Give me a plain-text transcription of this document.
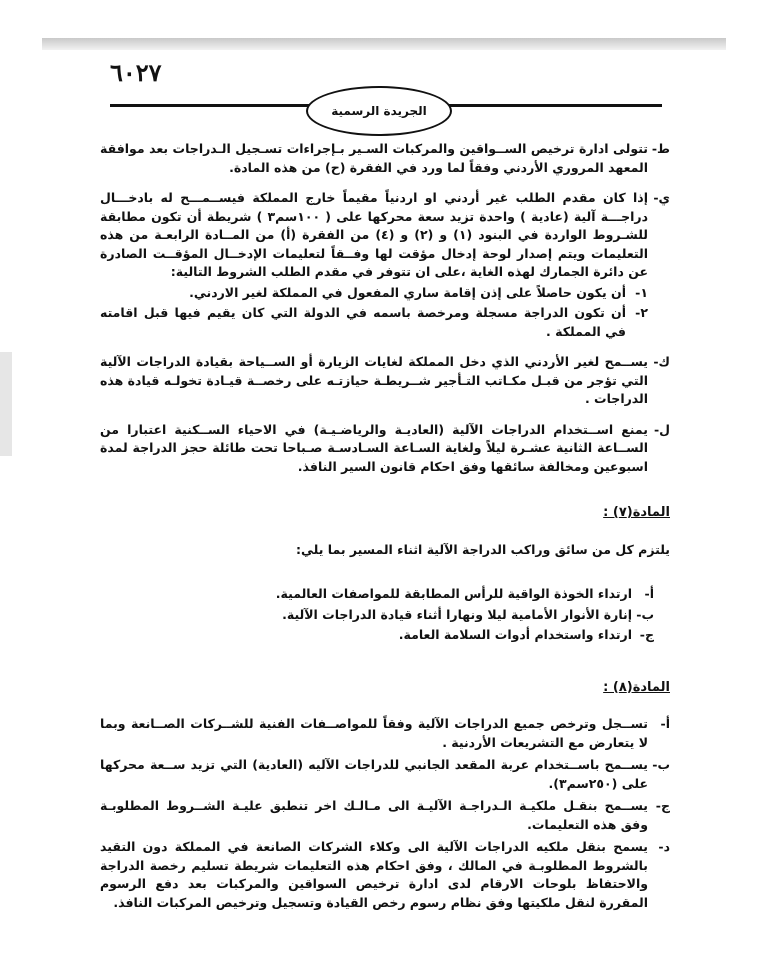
٦٠٢٧
الجريدة الرسمية
ط-
تتولى ادارة ترخيص الســواقين والمركبات السـير بـإجراءات تسـجيل الـدراجات بعد موافقة المعهد المروري الأردني وفقاً لما ورد في الفقرة (ح) من هذه المادة.
ي-
إذا كان مقدم الطلب غير أردني او اردنياً مقيماً خارج المملكة فيســمـــح له بادخـــال دراجـــة آلية (عادية ) واحدة تزيد سعة محركها على ( ١٠٠سم٣ ) شريطة أن تكون مطابقة للشـروط الواردة في البنود (١) و (٢) و (٤) من الفقرة (أ) من المــادة الرابعـة من هذه التعليمات ويتم إصدار لوحة إدخال مؤقت لها وفــقاً لتعليمات الإدخــال المؤقــت الصادرة عن دائرة الجمارك لهذه الغاية ،على ان تتوفر في مقدم الطلب الشروط التالية:
١-
أن يكون حاصلاً على إذن إقامة ساري المفعول في المملكة لغير الاردني.
٢-
أن تكون الدراجة مسجلة ومرخصة باسمه في الدولة التي كان يقيم فيها قبل اقامته في المملكة .
ك-
يســمح لغير الأردني الذي دخل المملكة لغايات الزيارة أو الســياحة بقيادة الدراجات الآلية التي تؤجر من قبـل مكـاتب التـأجير شــريطـة حيازتـه على رخصــة قيـادة تخولـه قيادة هذه الدراجات .
ل-
يمنع اســتخدام الدراجات الآلية (العاديـة والرياضـيـة) في الاحياء الســكنية اعتبارا من الســاعة الثانية عشـرة ليلاً ولغاية السـاعة السـادسـة صـباحا تحت طائلة حجز الدراجة لمدة اسبوعين ومخالفة سائقها وفق احكام قانون السير النافذ.
المادة(٧) :
يلتزم كل من سائق وراكب الدراجة الآلية اثناء المسير بما يلي:
أ-
ارتداء الخوذة الواقية للرأس المطابقة للمواصفات العالمية.
ب-
إنارة الأنوار الأمامية ليلا ونهارا أثناء قيادة الدراجات الآلية.
ج-
ارتداء واستخدام أدوات السلامة العامة.
المادة(٨) :
أ-
تســجل وترخص جميع الدراجات الآلية وفقاً للمواصــفات الفنية للشــركات الصــانعة وبما لا يتعارض مع التشريعات الأردنية .
ب-
يســمح باســتخدام عربة المقعد الجانبي للدراجات الآليه (العادية) التي تزيد ســعة محركها على (٢٥٠سم٣).
ج-
يســمح بنقـل ملكيـة الـدراجـة الآليـة الى مـالـك اخر تنطبق عليـة الشــروط المطلوبـة وفق هذه التعليمات.
د-
يسمح بنقل ملكيه الدراجات الآلية الى وكلاء الشركات الصانعة في المملكة دون التقيد بالشروط المطلوبـة في المالك ، وفق احكام هذه التعليمات شريطة تسليم رخصة الدراجة والاحتفاظ بلوحات الارقام لدى ادارة ترخيص السواقين والمركبات بعد دفع الرسوم المقررة لنقل ملكيتها وفق نظام رسوم رخص القيادة وتسجيل وترخيص المركبات النافذ.
